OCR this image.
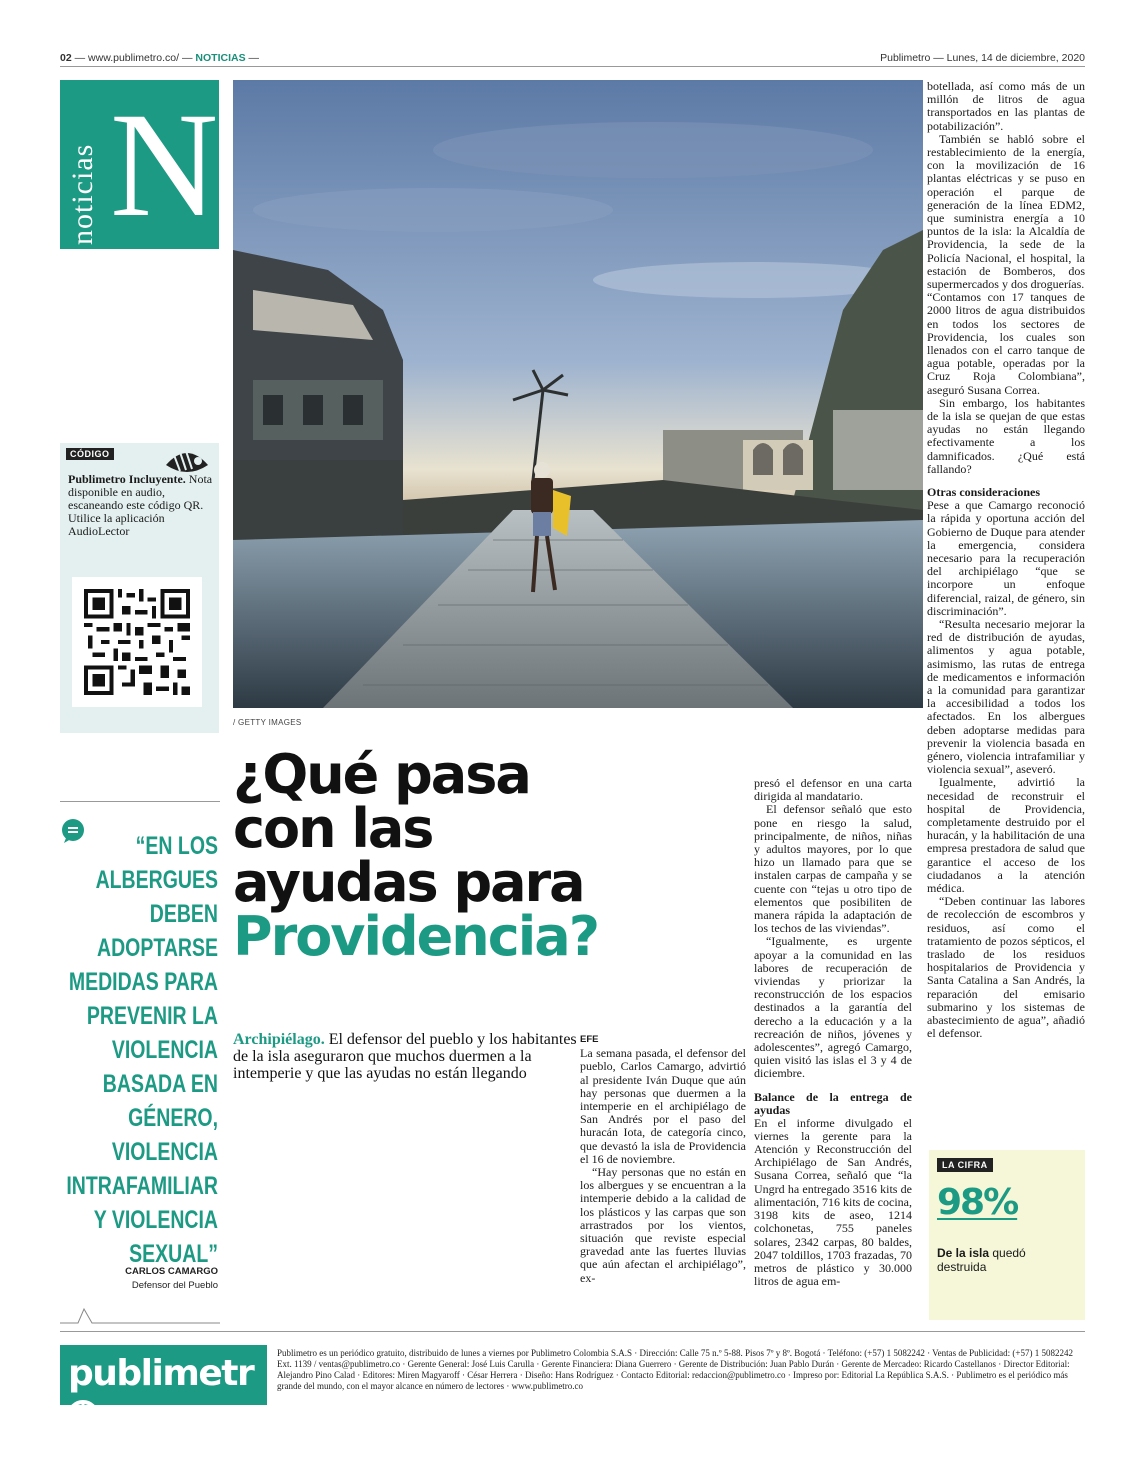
02 — www.publimetro.co/ — NOTICIAS —	Publimetro — Lunes, 14 de diciembre, 2020
noticias N
/ GETTY IMAGES
CÓDIGO
Publimetro Incluyente. Nota disponible en audio, escaneando este código QR. Utilice la aplicación AudioLector
“EN LOS ALBERGUES DEBEN ADOPTARSE MEDIDAS PARA PREVENIR LA VIOLENCIA BASADA EN GÉNERO, VIOLENCIA INTRAFAMILIAR Y VIOLENCIA SEXUAL”
CARLOS CAMARGO
Defensor del Pueblo
¿Qué pasa
con las
ayudas para
Providencia?
Archipiélago. El defensor del pueblo y los habitantes de la isla aseguraron que muchos duermen a la intemperie y que las ayudas no están llegando
EFE

La semana pasada, el defensor del pueblo, Carlos Camargo, advirtió al presidente Iván Duque que aún hay personas que duermen a la intemperie en el archipiélago de San Andrés por el paso del huracán Iota, de categoría cinco, que devastó la isla de Providencia el 16 de noviembre.

“Hay personas que no están en los albergues y se encuentran a la intemperie debido a la calidad de los plásticos y las carpas que son arrastrados por los vientos, situación que reviste especial gravedad ante las fuertes lluvias que aún afectan el archipiélago”, ex-

presó el defensor en una carta dirigida al mandatario.

El defensor señaló que esto pone en riesgo la salud, principalmente, de niños, niñas y adultos mayores, por lo que hizo un llamado para que se instalen carpas de campaña y se cuente con “tejas u otro tipo de elementos que posibiliten de manera rápida la adaptación de los techos de las viviendas”.

“Igualmente, es urgente apoyar a la comunidad en las labores de recuperación de viviendas y priorizar la reconstrucción de los espacios destinados a la garantía del derecho a la educación y a la recreación de niños, jóvenes y adolescentes”, agregó Camargo, quien visitó las islas el 3 y 4 de diciembre.

Balance de la entrega de ayudas

En el informe divulgado el viernes la gerente para la Atención y Reconstrucción del Archipiélago de San Andrés, Susana Correa, señaló que “la Ungrd ha entregado 3516 kits de alimentación, 716 kits de cocina, 3198 kits de aseo, 1214 colchonetas, 755 paneles solares, 2342 carpas, 80 baldes, 2047 toldillos, 1703 frazadas, 70 metros de plástico y 30.000 litros de agua em-

botellada, así como más de un millón de litros de agua transportados en las plantas de potabilización”.

También se habló sobre el restablecimiento de la energía, con la movilización de 16 plantas eléctricas y se puso en operación el parque de generación de la línea EDM2, que suministra energía a 10 puntos de la isla: la Alcaldía de Providencia, la sede de la Policía Nacional, el hospital, la estación de Bomberos, dos supermercados y dos droguerías.

“Contamos con 17 tanques de 2000 litros de agua distribuidos en todos los sectores de Providencia, los cuales son llenados con el carro tanque de agua potable, operadas por la Cruz Roja Colombiana”, aseguró Susana Correa.

Sin embargo, los habitantes de la isla se quejan de que estas ayudas no están llegando efectivamente a los damnificados. ¿Qué está fallando?

Otras consideraciones

Pese a que Camargo reconoció la rápida y oportuna acción del Gobierno de Duque para atender la emergencia, considera necesario para la recuperación del archipiélago “que se incorpore un enfoque diferencial, raizal, de género, sin discriminación”.

“Resulta necesario mejorar la red de distribución de ayudas, alimentos y agua potable, asimismo, las rutas de entrega de medicamentos e información a la comunidad para garantizar la accesibilidad a todos los afectados. En los albergues deben adoptarse medidas para prevenir la violencia basada en género, violencia intrafamiliar y violencia sexual”, aseveró.

Igualmente, advirtió la necesidad de reconstruir el hospital de Providencia, completamente destruido por el huracán, y la habilitación de una empresa prestadora de salud que garantice el acceso de los ciudadanos a la atención médica.

“Deben continuar las labores de recolección de escombros y residuos, así como el tratamiento de pozos sépticos, el traslado de los residuos hospitalarios de Providencia y Santa Catalina a San Andrés, la reparación del emisario submarino y los sistemas de abastecimiento de agua”, añadió el defensor.

LA CIFRA
98%
De la isla quedó destruida
publimetr	Publimetro es un periódico gratuito, distribuido de lunes a viernes por Publimetro Colombia S.A.S · Dirección: Calle 75 n.º 5-88. Pisos 7º y 8º. Bogotá · Teléfono: (+57) 1 5082242 · Ventas de Publicidad: (+57) 1 5082242 Ext. 1139 / ventas@publimetro.co · Gerente General: José Luis Carulla · Gerente Financiera: Diana Guerrero · Gerente de Distribución: Juan Pablo Durán · Gerente de Mercadeo: Ricardo Castellanos · Director Editorial: Alejandro Pino Calad · Editores: Miren Magyaroff · César Herrera · Diseño: Hans Rodríguez · Contacto Editorial: redaccion@publimetro.co · Impreso por: Editorial La República S.A.S. · Publimetro es el periódico más grande del mundo, con el mayor alcance en número de lectores · www.publimetro.co
